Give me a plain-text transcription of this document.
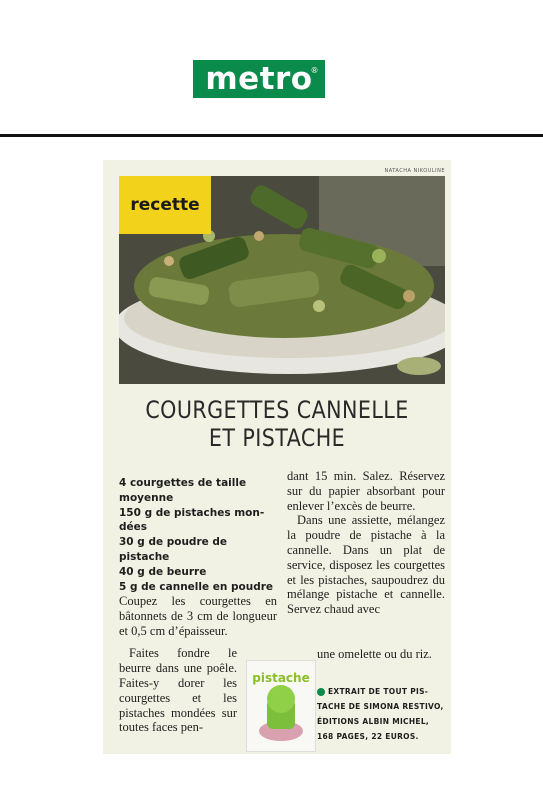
metro
®
NATACHA NIKOULINE
recette
COURGETTES CANNELLE
ET PISTACHE
4 courgettes de taille
moyenne
150 g de pistaches mon-
dées
30 g de poudre de pistache
40 g de beurre
5 g de cannelle en poudre

Coupez les courgettes en bâtonnets de 3 cm de longueur et 0,5 cm d’épaisseur.

Faites fondre le beurre dans une poêle. Faites-y dorer les courgettes et les pistaches mondées sur toutes faces pen-

dant 15 min. Salez. Réservez sur du papier absorbant pour enlever l’excès de beurre.

Dans une assiette, mélangez la poudre de pistache à la cannelle. Dans un plat de service, disposez les courgettes et les pistaches, saupoudrez du mélange pistache et cannelle. Servez chaud avec

pistache

une omelette ou du riz.

EXTRAIT DE TOUT PIS-
TACHE DE SIMONA RESTIVO,
ÉDITIONS ALBIN MICHEL,
168 PAGES, 22 EUROS.
